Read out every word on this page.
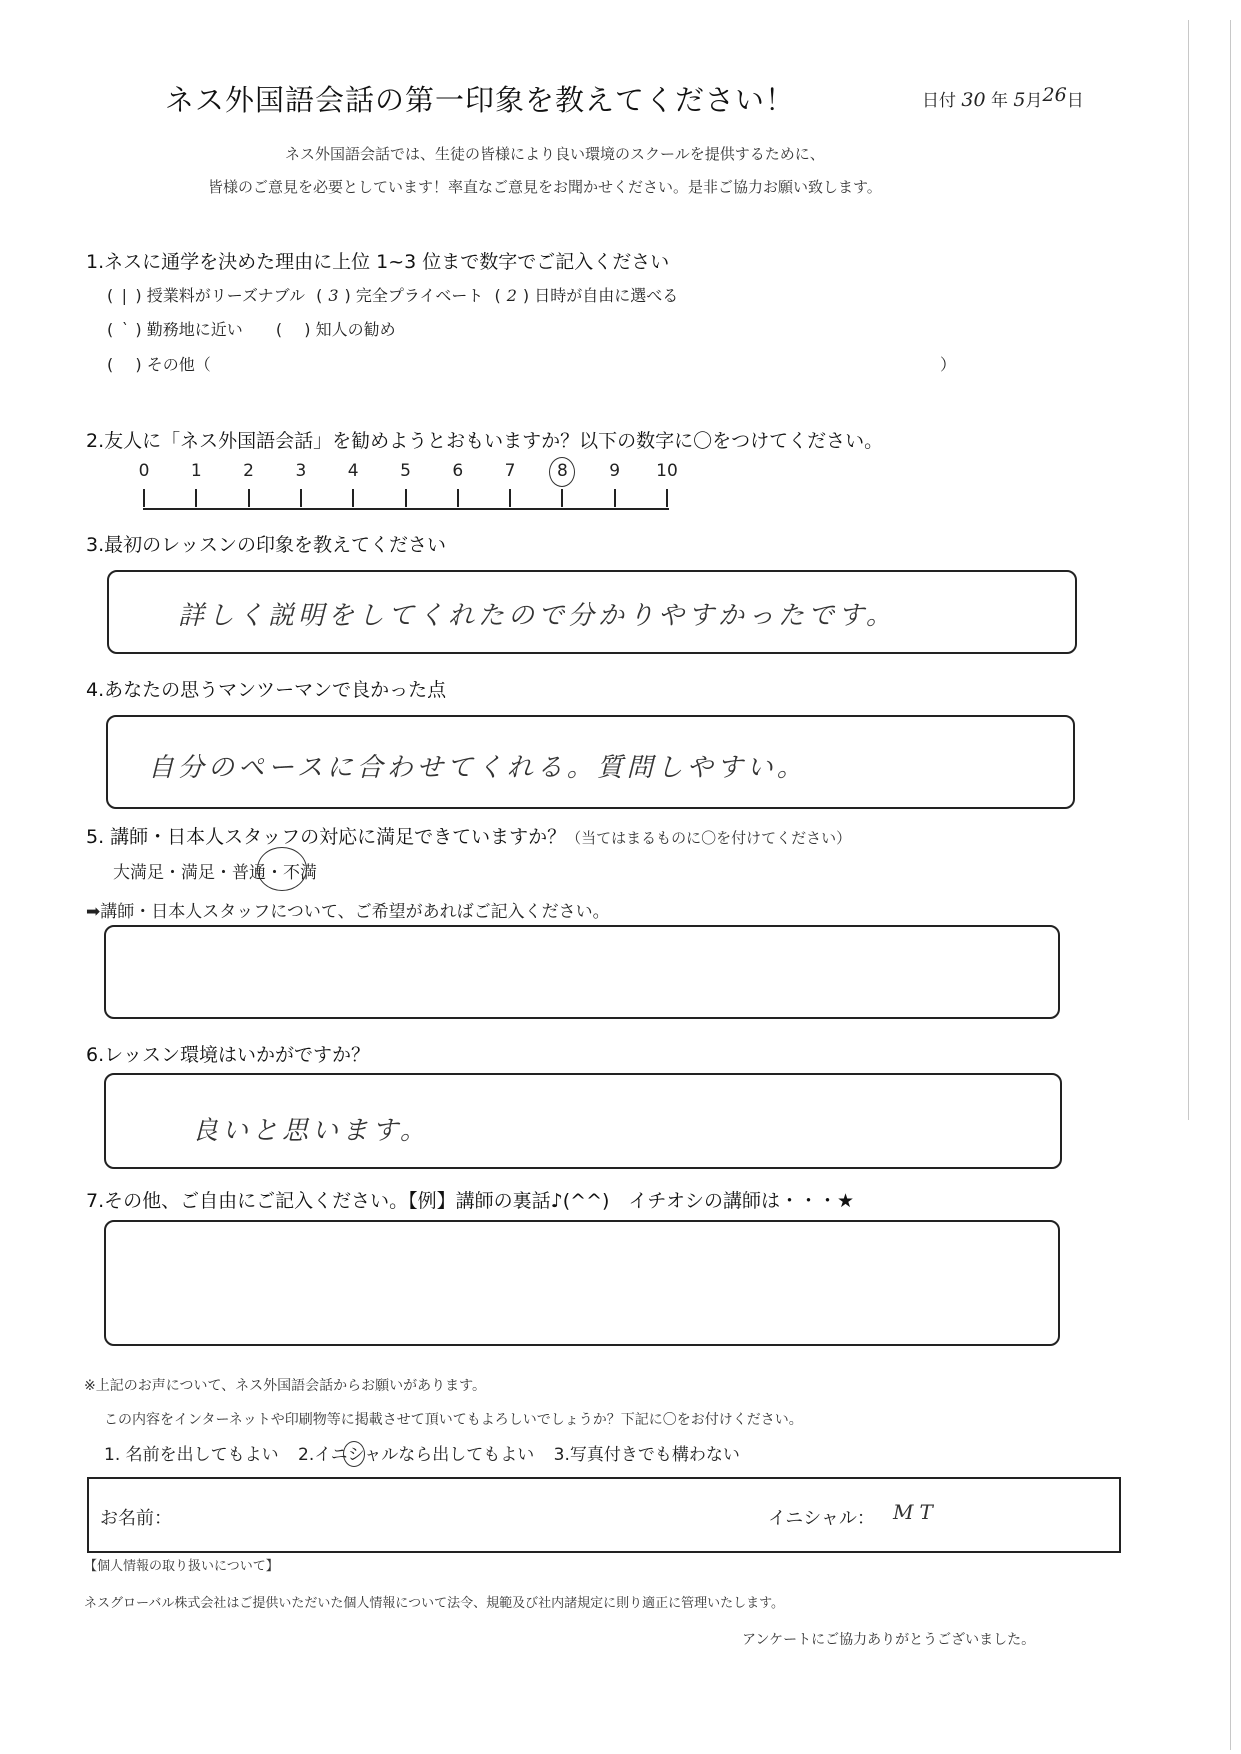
ネス外国語会話の第一印象を教えてください！	日付 30 年 5月26日
ネス外国語会話では、生徒の皆様により良い環境のスクールを提供するために、
皆様のご意見を必要としています！率直なご意見をお聞かせください。是非ご協力お願い致します。
1.ネスに通学を決めた理由に上位 1~3 位まで数字でご記入ください
( | ) 授業料がリーズナブル ( 3 ) 完全プライベート ( 2 ) 日時が自由に選べる
( ` ) 勤務地に近い (  ) 知人の勧め
(  ) その他（	）
2.友人に「ネス外国語会話」を勧めようとおもいますか？以下の数字に〇をつけてください。
0 1 2 3 4 5 6 7 8 9 10
3.最初のレッスンの印象を教えてください
詳しく説明をしてくれたので分かりやすかったです。
4.あなたの思うマンツーマンで良かった点
自分のペースに合わせてくれる。質問しやすい。
5. 講師・日本人スタッフの対応に満足できていますか？（当てはまるものに〇を付けてください）
大満足・満足・普通・不満
➡講師・日本人スタッフについて、ご希望があればご記入ください。
6.レッスン環境はいかがですか？
良いと思います。
7.その他、ご自由にご記入ください。【例】講師の裏話♪(^^)　イチオシの講師は・・・★
※上記のお声について、ネス外国語会話からお願いがあります。
この内容をインターネットや印刷物等に掲載させて頂いてもよろしいでしょうか？下記に〇をお付けください。
1. 名前を出してもよい 2.イニシャルなら出してもよい 3.写真付きでも構わない
お名前：	イニシャル： MT
【個人情報の取り扱いについて】
ネスグローバル株式会社はご提供いただいた個人情報について法令、規範及び社内諸規定に則り適正に管理いたします。
アンケートにご協力ありがとうございました。
